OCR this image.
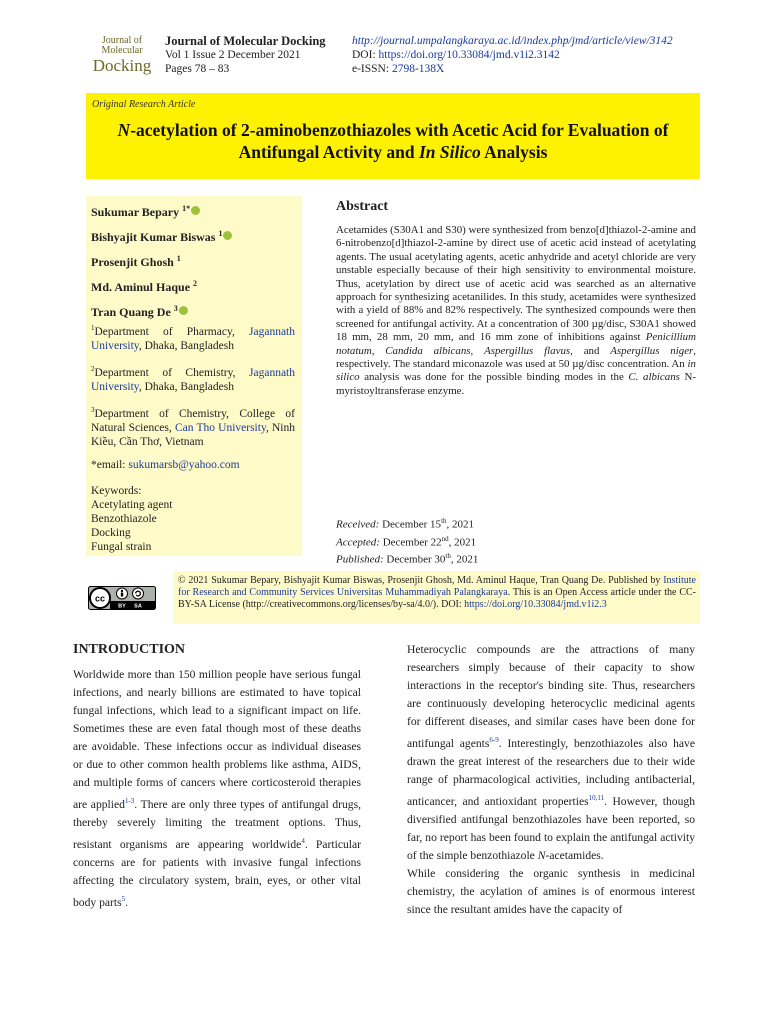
Journal of
Molecular
Docking
Journal of Molecular Docking
Vol 1 Issue 2 December 2021
Pages 78 – 83
http://journal.umpalangkaraya.ac.id/index.php/jmd/article/view/3142
DOI: https://doi.org/10.33084/jmd.v1i2.3142
e-ISSN: 2798-138X
Original Research Article
N-acetylation of 2-aminobenzothiazoles with Acetic Acid for Evaluation of Antifungal Activity and In Silico Analysis
Sukumar Bepary $^{1*}$
Bishyajit Kumar Biswas $^1$
Prosenjit Ghosh $^1$
Md. Aminul Haque $^2$
Tran Quang De $^3$
$^1$Department of Pharmacy, Jagannath University, Dhaka, Bangladesh
$^2$Department of Chemistry, Jagannath University, Dhaka, Bangladesh
$^3$Department of Chemistry, College of Natural Sciences, Can Tho University, Ninh Kiều, Cần Thơ, Vietnam
*email: sukumarsb@yahoo.com
Keywords:
Acetylating agent
Benzothiazole
Docking
Fungal strain
Abstract
Acetamides (S30A1 and S30) were synthesized from benzo[d]thiazol-2-amine and 6-nitrobenzo[d]thiazol-2-amine by direct use of acetic acid instead of acetylating agents. The usual acetylating agents, acetic anhydride and acetyl chloride are very unstable especially because of their high sensitivity to environmental moisture. Thus, acetylation by direct use of acetic acid was searched as an alternative approach for synthesizing acetanilides. In this study, acetamides were synthesized with a yield of 88% and 82% respectively. The synthesized compounds were then screened for antifungal activity. At a concentration of 300 µg/disc, S30A1 showed 18 mm, 28 mm, 20 mm, and 16 mm zone of inhibitions against Penicillium notatum, Candida albicans, Aspergillus flavus, and Aspergillus niger, respectively. The standard miconazole was used at 50 µg/disc concentration. An in silico analysis was done for the possible binding modes in the C. albicans N-myristoyltransferase enzyme.
Received: December 15th, 2021
Accepted: December 22nd, 2021
Published: December 30th, 2021
cc
BY SA
© 2021 Sukumar Bepary, Bishyajit Kumar Biswas, Prosenjit Ghosh, Md. Aminul Haque, Tran Quang De. Published by Institute for Research and Community Services Universitas Muhammadiyah Palangkaraya. This is an Open Access article under the CC-BY-SA License (http://creativecommons.org/licenses/by-sa/4.0/). DOI: https://doi.org/10.33084/jmd.v1i2.3
INTRODUCTION
Worldwide more than 150 million people have serious fungal infections, and nearly billions are estimated to have topical fungal infections, which lead to a significant impact on life. Sometimes these are even fatal though most of these deaths are avoidable. These infections occur as individual diseases or due to other common health problems like asthma, AIDS, and multiple forms of cancers where corticosteroid therapies are applied$^{1-3}$. There are only three types of antifungal drugs, thereby severely limiting the treatment options. Thus, resistant organisms are appearing worldwide$^4$. Particular concerns are for patients with invasive fungal infections affecting the circulatory system, brain, eyes, or other vital body parts$^5$.
Heterocyclic compounds are the attractions of many researchers simply because of their capacity to show interactions in the receptor's binding site. Thus, researchers are continuously developing heterocyclic medicinal agents for different diseases, and similar cases have been done for antifungal agents$^{6-9}$. Interestingly, benzothiazoles also have drawn the great interest of the researchers due to their wide range of pharmacological activities, including antibacterial, anticancer, and antioxidant properties$^{10,11}$. However, though diversified antifungal benzothiazoles have been reported, so far, no report has been found to explain the antifungal activity of the simple benzothiazole N-acetamides.
While considering the organic synthesis in medicinal chemistry, the acylation of amines is of enormous interest since the resultant amides have the capacity of
